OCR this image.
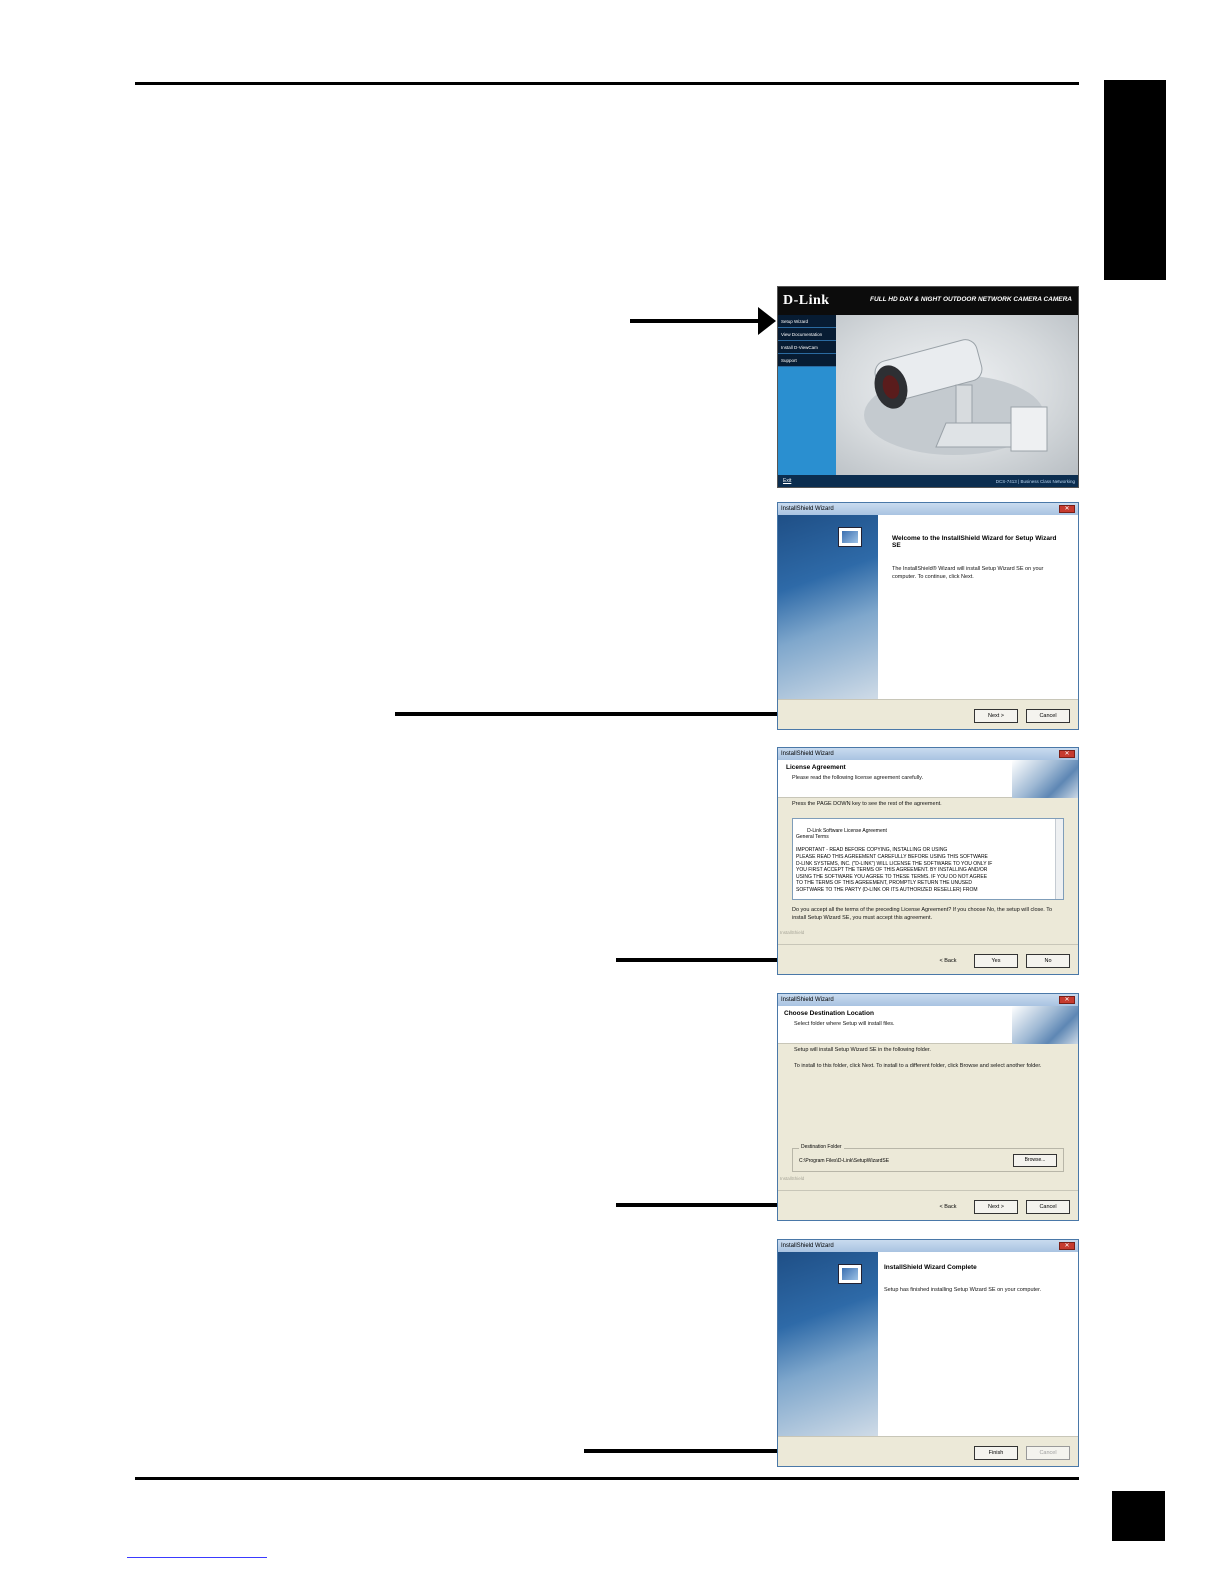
D-Link	FULL HD DAY & NIGHT OUTDOOR NETWORK CAMERA CAMERA
Setup Wizard
View Documentation
Install D-ViewCam
Support
Exit	DCS-7413 | Business Class Networking
InstallShield Wizard	✕
Welcome to the InstallShield Wizard for Setup Wizard SE
The InstallShield® Wizard will install Setup Wizard SE on your computer. To continue, click Next.
Next >	Cancel
InstallShield Wizard	✕
License Agreement
Please read the following license agreement carefully.
Press the PAGE DOWN key to see the rest of the agreement.

D-Link Software License Agreement
General Terms

IMPORTANT - READ BEFORE COPYING, INSTALLING OR USING
PLEASE READ THIS AGREEMENT CAREFULLY BEFORE USING THIS SOFTWARE
D-LINK SYSTEMS, INC. ("D-LINK") WILL LICENSE THE SOFTWARE TO YOU ONLY IF
YOU FIRST ACCEPT THE TERMS OF THIS AGREEMENT. BY INSTALLING AND/OR
USING THE SOFTWARE YOU AGREE TO THESE TERMS. IF YOU DO NOT AGREE
TO THE TERMS OF THIS AGREEMENT, PROMPTLY RETURN THE UNUSED
SOFTWARE TO THE PARTY (D-LINK OR ITS AUTHORIZED RESELLER) FROM

Do you accept all the terms of the preceding License Agreement? If you choose No, the setup will close. To install Setup Wizard SE, you must accept this agreement.
InstallShield
< Back	Yes	No
InstallShield Wizard	✕
Choose Destination Location
Select folder where Setup will install files.
Setup will install Setup Wizard SE in the following folder.
To install to this folder, click Next. To install to a different folder, click Browse and select another folder.
Destination Folder
C:\Program Files\D-Link\SetupWizardSE	Browse...
InstallShield
< Back	Next >	Cancel
InstallShield Wizard	✕
InstallShield Wizard Complete
Setup has finished installing Setup Wizard SE on your computer.
Finish	Cancel
